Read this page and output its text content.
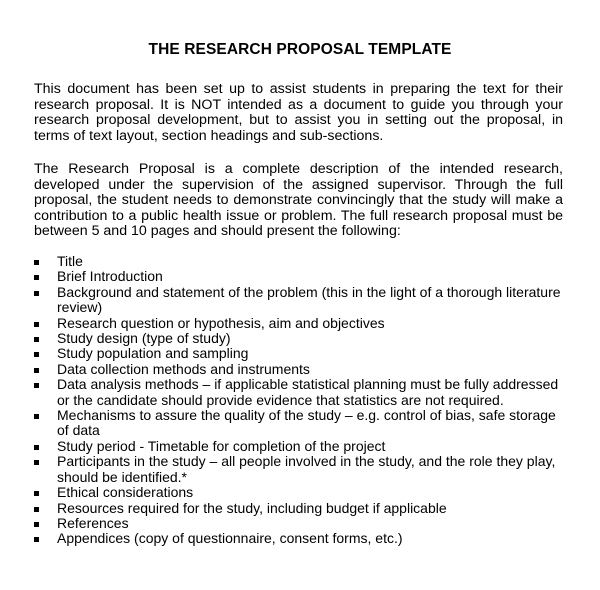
THE RESEARCH PROPOSAL TEMPLATE
This document has been set up to assist students in preparing the text for their research proposal. It is NOT intended as a document to guide you through your research proposal development, but to assist you in setting out the proposal, in terms of text layout, section headings and sub-sections.
The Research Proposal is a complete description of the intended research, developed under the supervision of the assigned supervisor. Through the full proposal, the student needs to demonstrate convincingly that the study will make a contribution to a public health issue or problem. The full research proposal must be between 5 and 10 pages and should present the following:
Title
Brief Introduction
Background and statement of the problem (this in the light of a thorough literature review)
Research question or hypothesis, aim and objectives
Study design (type of study)
Study population and sampling
Data collection methods and instruments
Data analysis methods – if applicable statistical planning must be fully addressed or the candidate should provide evidence that statistics are not required.
Mechanisms to assure the quality of the study – e.g. control of bias, safe storage of data
Study period - Timetable for completion of the project
Participants in the study – all people involved in the study, and the role they play, should be identified.*
Ethical considerations
Resources required for the study, including budget if applicable
References
Appendices (copy of questionnaire, consent forms, etc.)
